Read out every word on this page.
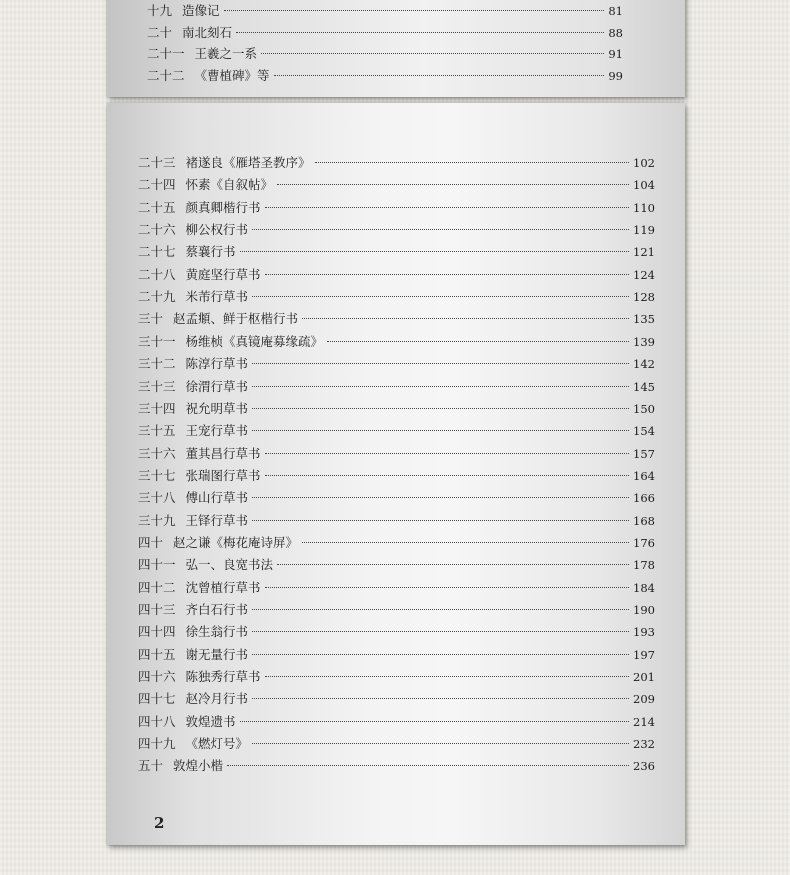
十九 造像记	81
二十 南北刻石	88
二十一 王羲之一系	91
二十二 《曹植碑》等	99
二十三 褚遂良《雁塔圣教序》	102
二十四 怀素《自叙帖》	104
二十五 颜真卿楷行书	110
二十六 柳公权行书	119
二十七 蔡襄行书	121
二十八 黄庭坚行草书	124
二十九 米芾行草书	128
三十 赵孟頫、鲜于枢楷行书	135
三十一 杨维桢《真镜庵募缘疏》	139
三十二 陈淳行草书	142
三十三 徐渭行草书	145
三十四 祝允明草书	150
三十五 王宠行草书	154
三十六 董其昌行草书	157
三十七 张瑞图行草书	164
三十八 傅山行草书	166
三十九 王铎行草书	168
四十 赵之谦《梅花庵诗屏》	176
四十一 弘一、良宽书法	178
四十二 沈曾植行草书	184
四十三 齐白石行书	190
四十四 徐生翁行书	193
四十五 谢无量行书	197
四十六 陈独秀行草书	201
四十七 赵冷月行书	209
四十八 敦煌遗书	214
四十九 《燃灯号》	232
五十 敦煌小楷	236
2
